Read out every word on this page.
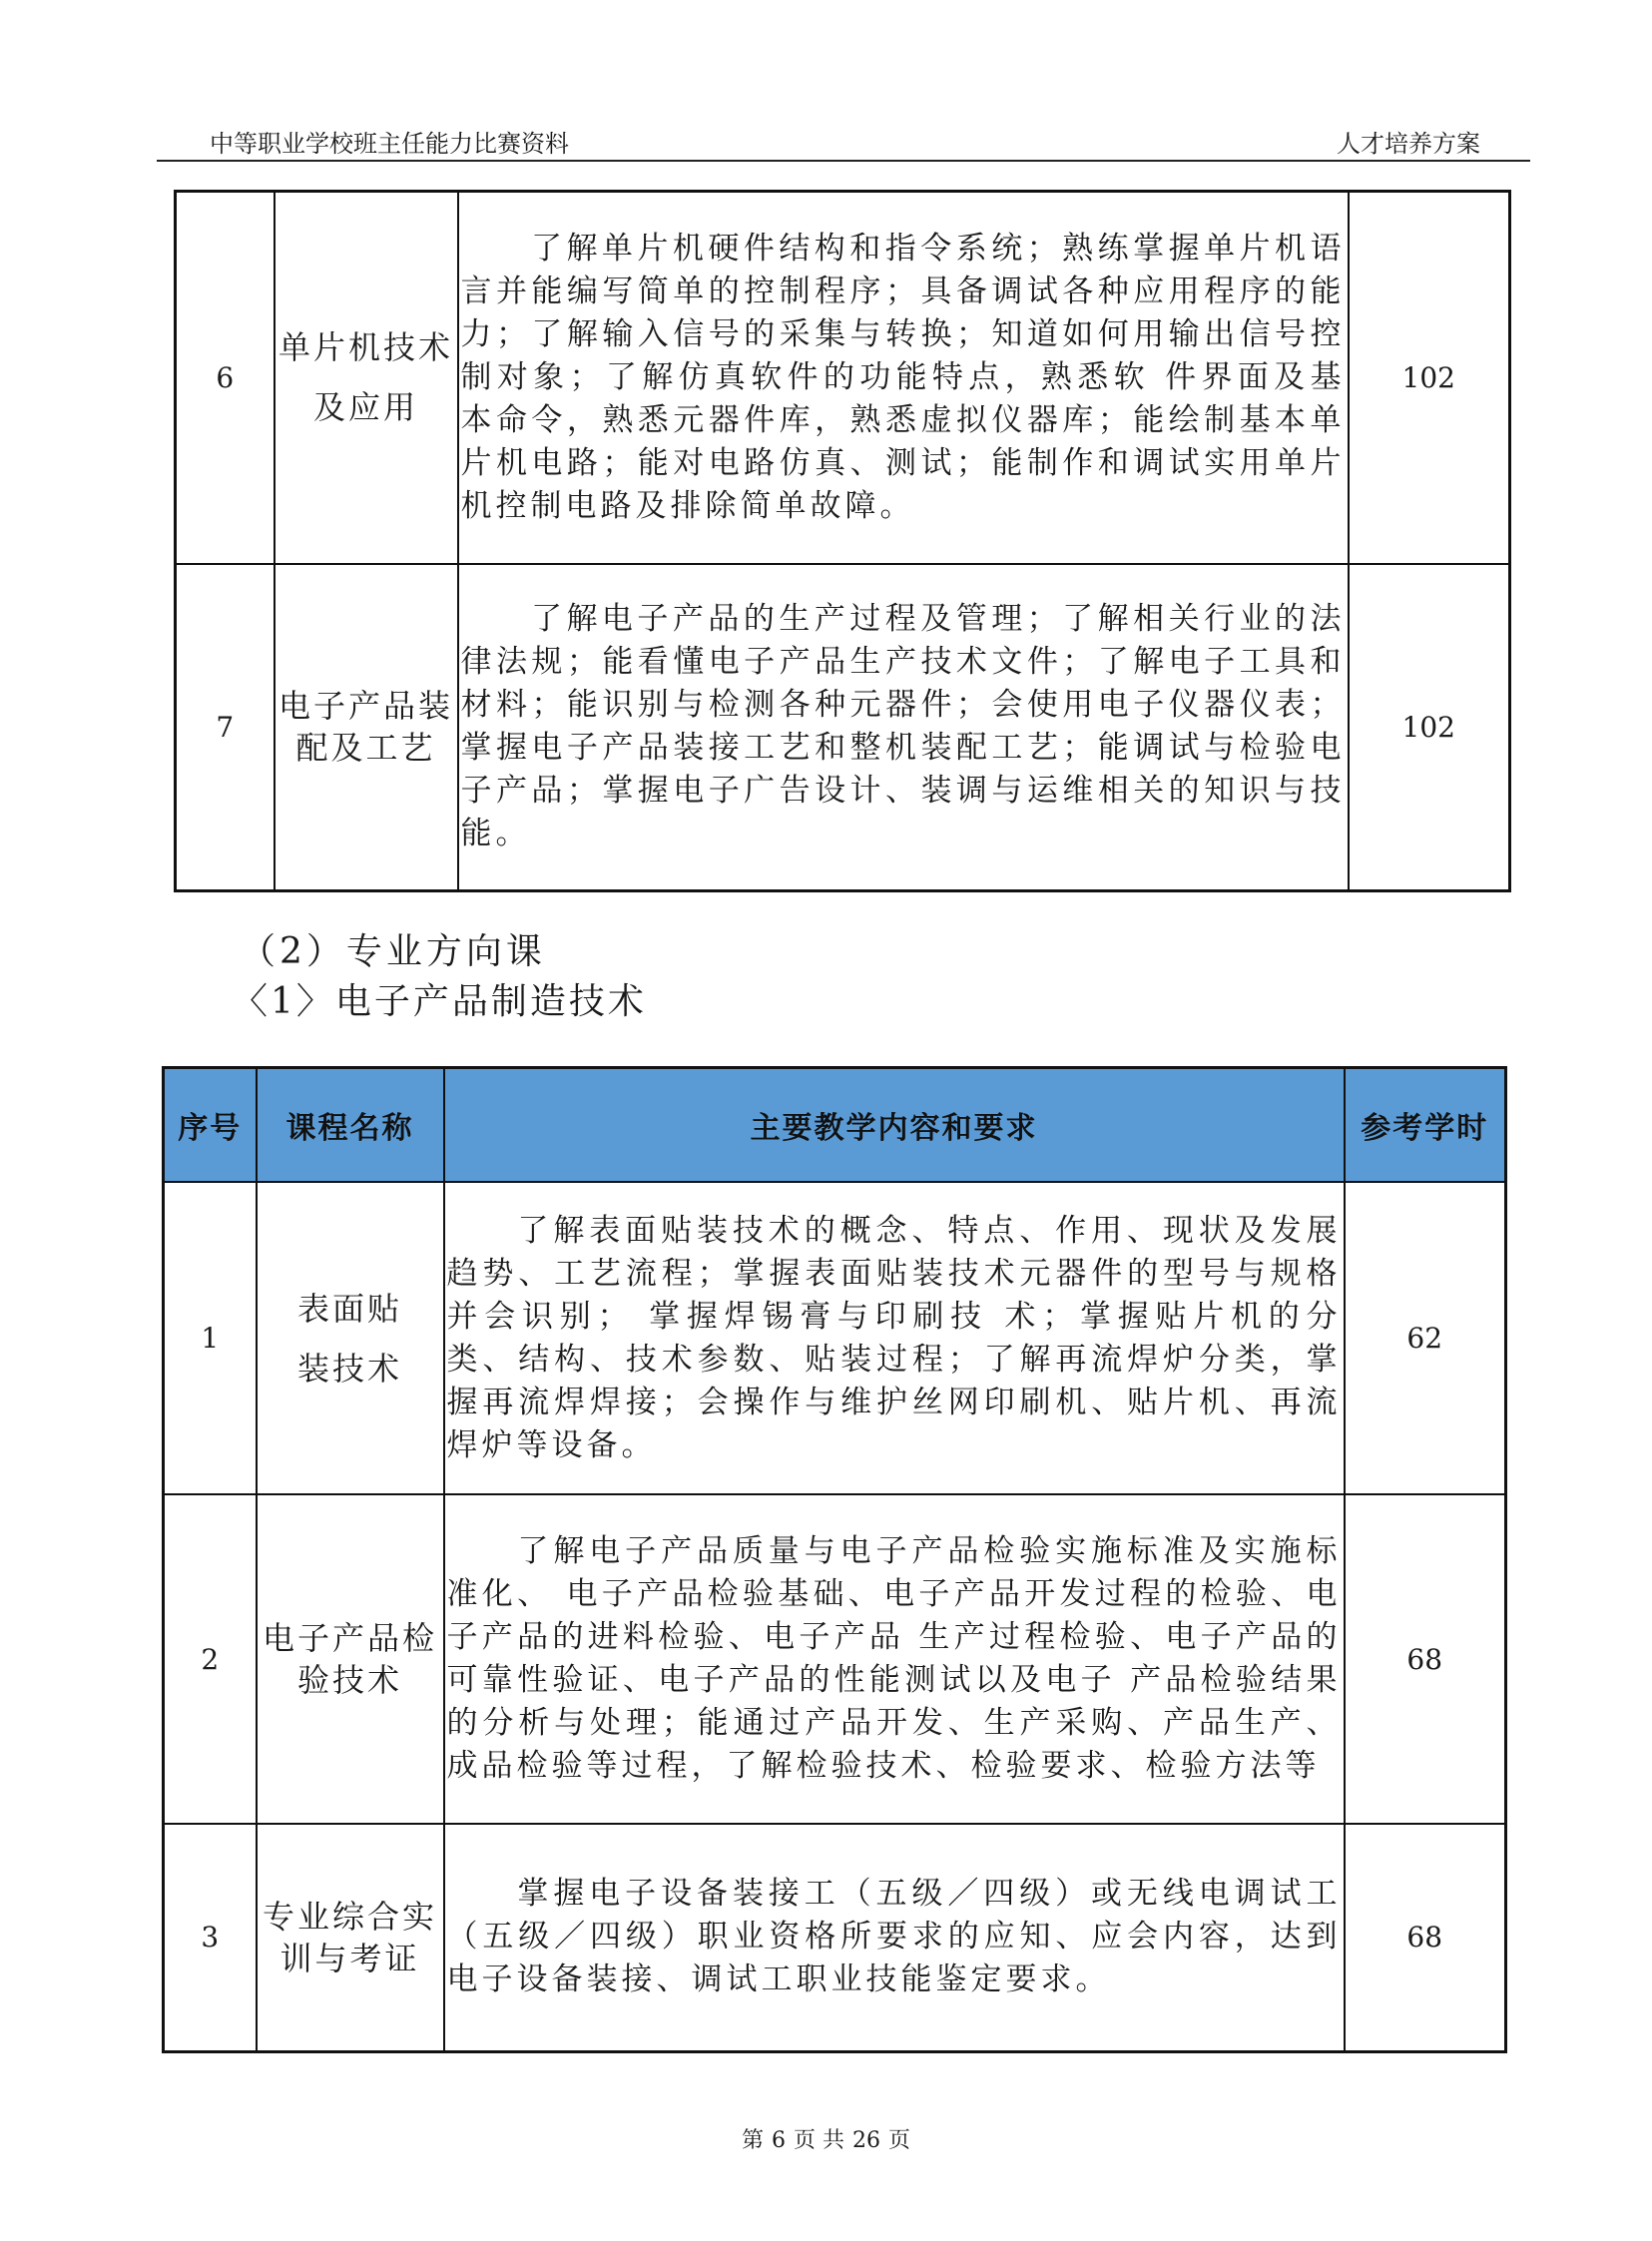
中等职业学校班主任能力比赛资料	人才培养方案
6	单片机技术
及应用	了解单片机硬件结构和指令系统；熟练掌握单片机语言并能编写简单的控制程序；具备调试各种应用程序的能力；了解输入信号的采集与转换；知道如何用输出信号控制对象；了解仿真软件的功能特点，熟悉软 件界面及基本命令，熟悉元器件库，熟悉虚拟仪器库；能绘制基本单片机电路；能对电路仿真、测试；能制作和调试实用单片机控制电路及排除简单故障。	102
7	电子产品装
配及工艺	了解电子产品的生产过程及管理；了解相关行业的法律法规；能看懂电子产品生产技术文件；了解电子工具和材料；能识别与检测各种元器件；会使用电子仪器仪表；掌握电子产品装接工艺和整机装配工艺；能调试与检验电子产品；掌握电子广告设计、装调与运维相关的知识与技能。	102
（2）专业方向课
〈1〉电子产品制造技术
序号	课程名称	主要教学内容和要求	参考学时
1	表面贴
装技术	了解表面贴装技术的概念、特点、作用、现状及发展趋势、工艺流程；掌握表面贴装技术元器件的型号与规格并会识别； 掌握焊锡膏与印刷技 术；掌握贴片机的分类、结构、技术参数、贴装过程；了解再流焊炉分类，掌握再流焊焊接；会操作与维护丝网印刷机、贴片机、再流焊炉等设备。	62
2	电子产品检
验技术	了解电子产品质量与电子产品检验实施标准及实施标准化、 电子产品检验基础、电子产品开发过程的检验、电子产品的进料检验、电子产品 生产过程检验、电子产品的可靠性验证、电子产品的性能测试以及电子 产品检验结果的分析与处理；能通过产品开发、生产采购、产品生产、成品检验等过程，了解检验技术、检验要求、检验方法等	68
3	专业综合实
训与考证	掌握电子设备装接工（五级／四级）或无线电调试工（五级／四级）职业资格所要求的应知、应会内容，达到电子设备装接、调试工职业技能鉴定要求。	68
第 6 页 共 26 页
